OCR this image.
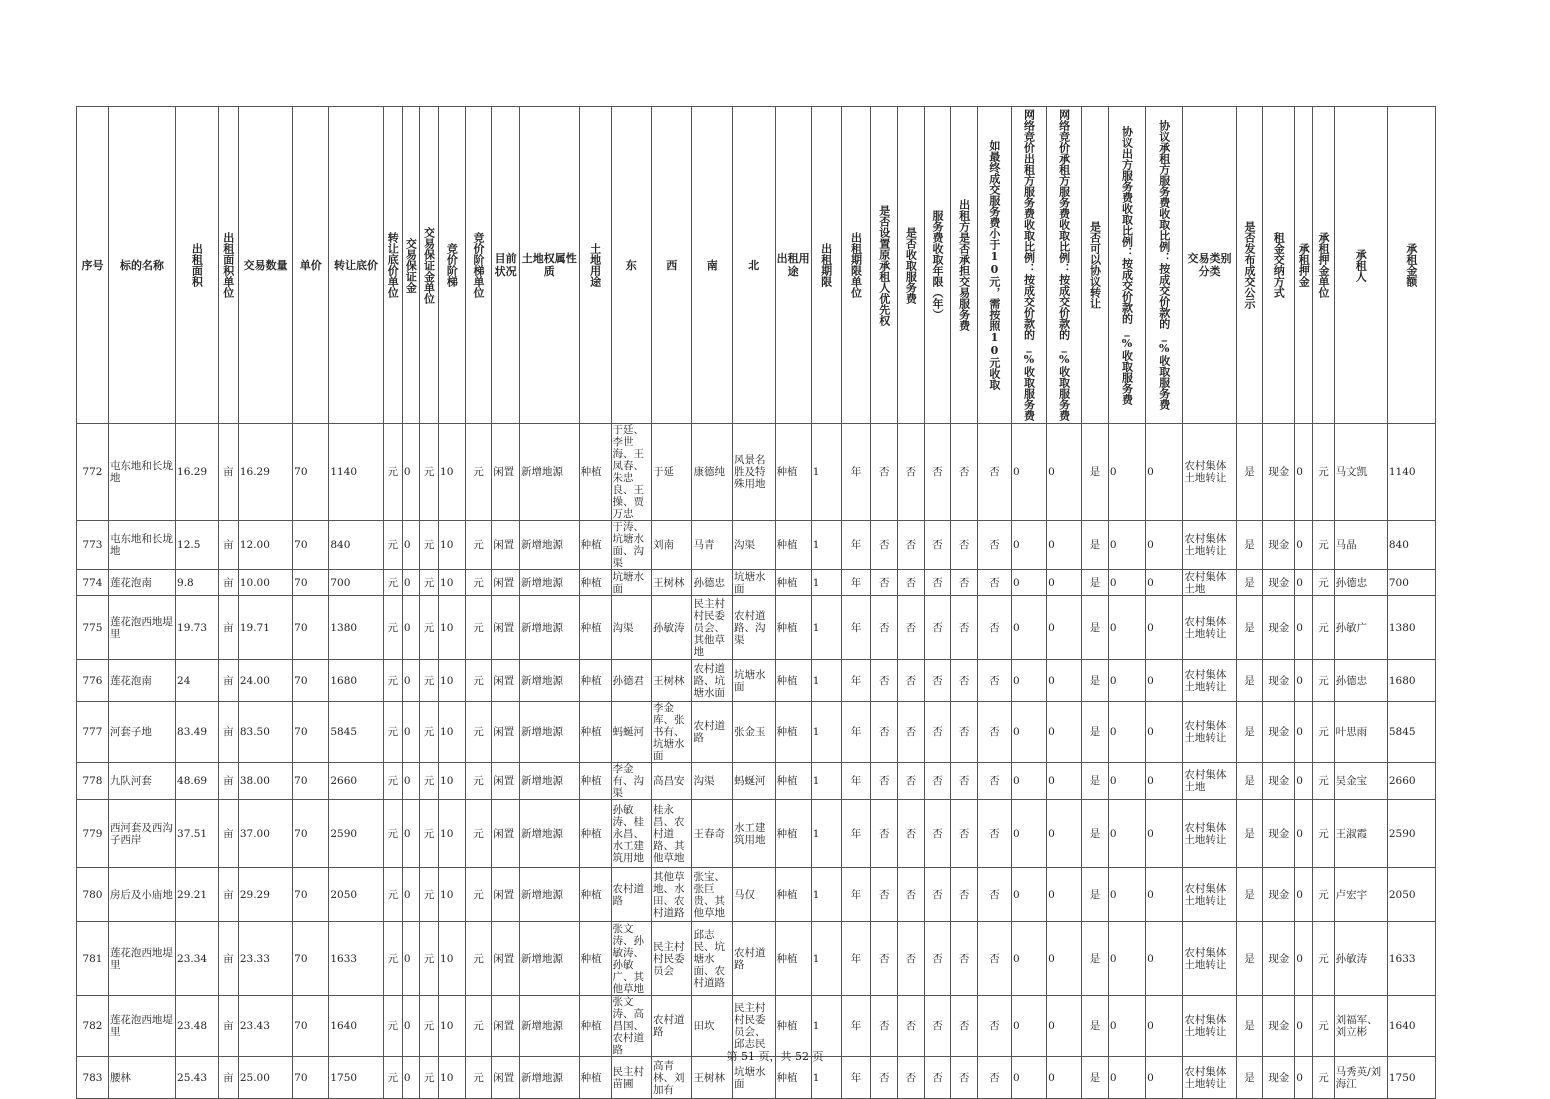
序号	标的名称	出租面积	出租面积单位	交易数量	单价	转让底价	转让底价单位	交易保证金	交易保证金单位	竞价阶梯	竞价阶梯单位	目前状况	土地权属性质	土地用途	东	西	南	北	出租用途	出租期限	出租期限单位	是否设置原承租人优先权	是否收取服务费	服务费收取年限（年）	出租方是否承担交易服务费	如最终成交服务费小于10元，需按照10元收取	网络竞价出租方服务费收取比例：按成交价款的_%收取服务费	网络竞价承租方服务费收取比例：按成交价款的_%收取服务费	是否可以协议转让	协议出方服务费收取比例：按成交价款的_%收取服务费	协议承租方服务费收取比例：按成交价款的_%收取服务费	交易类别分类	是否发布成交公示	租金交纳方式	承租押金	承租押金单位	承租人	承租金额
772	屯东地和长垅地	16.29	亩	16.29	70	1140	元	0	元	10	元	闲置	新增地源	种植	于廷、李世海、王凤春、朱忠良、王操、贾万忠	于延	康德纯	风景名胜及特殊用地	种植	1	年	否	否	否	否	否	0	0	是	0	0	农村集体土地转让	是	现金	0	元	马文凯	1140
773	屯东地和长垅地	12.5	亩	12.00	70	840	元	0	元	10	元	闲置	新增地源	种植	于涛、坑塘水面、沟渠	刘南	马青	沟渠	种植	1	年	否	否	否	否	否	0	0	是	0	0	农村集体土地转让	是	现金	0	元	马晶	840
774	莲花泡南	9.8	亩	10.00	70	700	元	0	元	10	元	闲置	新增地源	种植	坑塘水面	王树林	孙德忠	坑塘水面	种植	1	年	否	否	否	否	否	0	0	是	0	0	农村集体土地	是	现金	0	元	孙德忠	700
775	莲花泡西地堤里	19.73	亩	19.71	70	1380	元	0	元	10	元	闲置	新增地源	种植	沟渠	孙敏涛	民主村村民委员会、其他草地	农村道路、沟渠	种植	1	年	否	否	否	否	否	0	0	是	0	0	农村集体土地转让	是	现金	0	元	孙敏广	1380
776	莲花泡南	24	亩	24.00	70	1680	元	0	元	10	元	闲置	新增地源	种植	孙德君	王树林	农村道路、坑塘水面	坑塘水面	种植	1	年	否	否	否	否	否	0	0	是	0	0	农村集体土地转让	是	现金	0	元	孙德忠	1680
777	河套子地	83.49	亩	83.50	70	5845	元	0	元	10	元	闲置	新增地源	种植	蚂蜒河	李金库、张书有、坑塘水面	农村道路	张金玉	种植	1	年	否	否	否	否	否	0	0	是	0	0	农村集体土地转让	是	现金	0	元	叶思雨	5845
778	九队河套	48.69	亩	38.00	70	2660	元	0	元	10	元	闲置	新增地源	种植	李金有、沟渠	高昌安	沟渠	蚂蜒河	种植	1	年	否	否	否	否	否	0	0	是	0	0	农村集体土地	是	现金	0	元	吴金宝	2660
779	西河套及西沟子西岸	37.51	亩	37.00	70	2590	元	0	元	10	元	闲置	新增地源	种植	孙敏涛、桂永昌、水工建筑用地	桂永昌、农村道路、其他草地	王春奇	水工建筑用地	种植	1	年	否	否	否	否	否	0	0	是	0	0	农村集体土地转让	是	现金	0	元	王淑霞	2590
780	房后及小庙地	29.21	亩	29.29	70	2050	元	0	元	10	元	闲置	新增地源	种植	农村道路	其他草地、水田、农村道路	张宝、张巨贵、其他草地	马仅	种植	1	年	否	否	否	否	否	0	0	是	0	0	农村集体土地转让	是	现金	0	元	卢宏宇	2050
781	莲花泡西地堤里	23.34	亩	23.33	70	1633	元	0	元	10	元	闲置	新增地源	种植	张文涛、孙敏涛、孙敏广、其他草地	民主村村民委员会	邱志民、坑塘水面、农村道路	农村道路	种植	1	年	否	否	否	否	否	0	0	是	0	0	农村集体土地转让	是	现金	0	元	孙敏涛	1633
782	莲花泡西地堤里	23.48	亩	23.43	70	1640	元	0	元	10	元	闲置	新增地源	种植	张文涛、高昌国、农村道路	农村道路	田坎	民主村村民委员会、邱志民	种植	1	年	否	否	否	否	否	0	0	是	0	0	农村集体土地转让	是	现金	0	元	刘福军、刘立彬	1640
783	腰林	25.43	亩	25.00	70	1750	元	0	元	10	元	闲置	新增地源	种植	民主村苗圃	高青林、刘加有	王树林	坑塘水面	种植	1	年	否	否	否	否	否	0	0	是	0	0	农村集体土地转让	是	现金	0	元	马秀英/刘海江	1750
第 51 页，共 52 页
